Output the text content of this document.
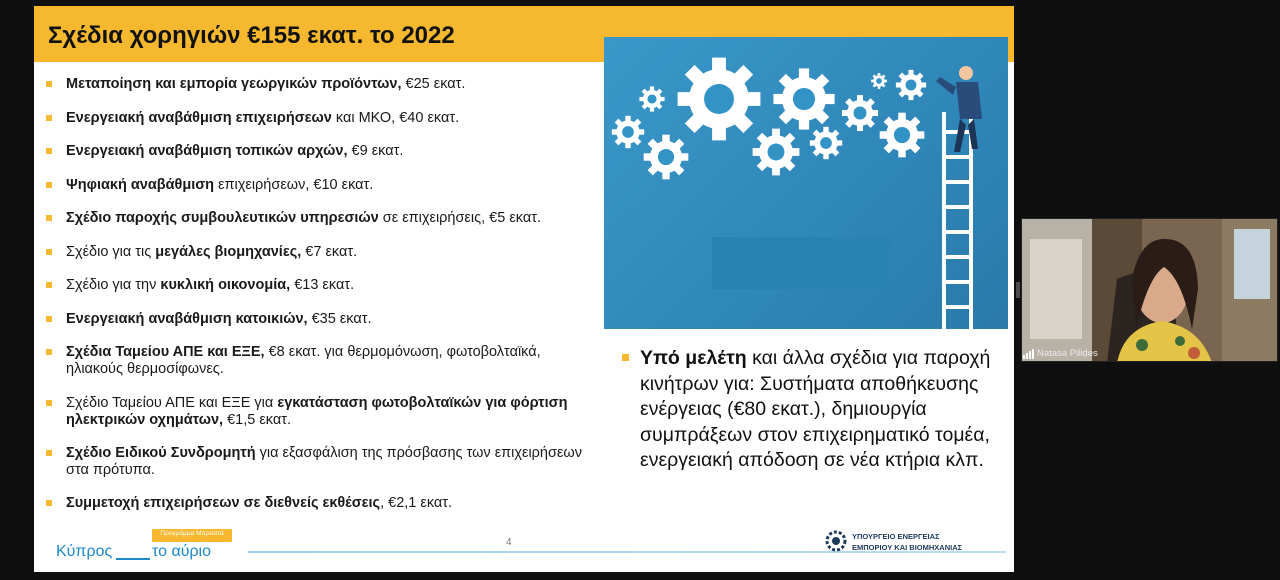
Σχέδια χορηγιών €155 εκατ. το 2022
Μεταποίηση και εμπορία γεωργικών προϊόντων, €25 εκατ.
Ενεργειακή αναβάθμιση επιχειρήσεων και ΜΚΟ, €40 εκατ.
Ενεργειακή αναβάθμιση τοπικών αρχών, €9 εκατ.
Ψηφιακή αναβάθμιση επιχειρήσεων, €10 εκατ.
Σχέδιο παροχής συμβουλευτικών υπηρεσιών σε επιχειρήσεις, €5 εκατ.
Σχέδιο για τις μεγάλες βιομηχανίες, €7 εκατ.
Σχέδιο για την κυκλική οικονομία, €13 εκατ.
Ενεργειακή αναβάθμιση κατοικιών, €35 εκατ.
Σχέδια Ταμείου ΑΠΕ και ΕΞΕ, €8 εκατ. για θερμομόνωση, φωτοβολταϊκά, ηλιακούς θερμοσίφωνες.
Σχέδιο Ταμείου ΑΠΕ και ΕΞΕ για εγκατάσταση φωτοβολταϊκών για φόρτιση ηλεκτρικών οχημάτων, €1,5 εκατ.
Σχέδιο Ειδικού Συνδρομητή για εξασφάλιση της πρόσβασης των επιχειρήσεων στα πρότυπα.
Συμμετοχή επιχειρήσεων σε διεθνείς εκθέσεις, €2,1 εκατ.
Υπό μελέτη και άλλα σχέδια για παροχή κινήτρων για: Συστήματα αποθήκευσης ενέργειας (€80 εκατ.), δημιουργία συμπράξεων στον επιχειρηματικό τομέα, ενεργειακή απόδοση σε νέα κτήρια κλπ.
4
Προγράμμα Μπροστά
Κύπρος το αύριο
ΥΠΟΥΡΓΕΙΟ ΕΝΕΡΓΕΙΑΣ
ΕΜΠΟΡΙΟΥ ΚΑΙ ΒΙΟΜΗΧΑΝΙΑΣ
Natasa Pilides
